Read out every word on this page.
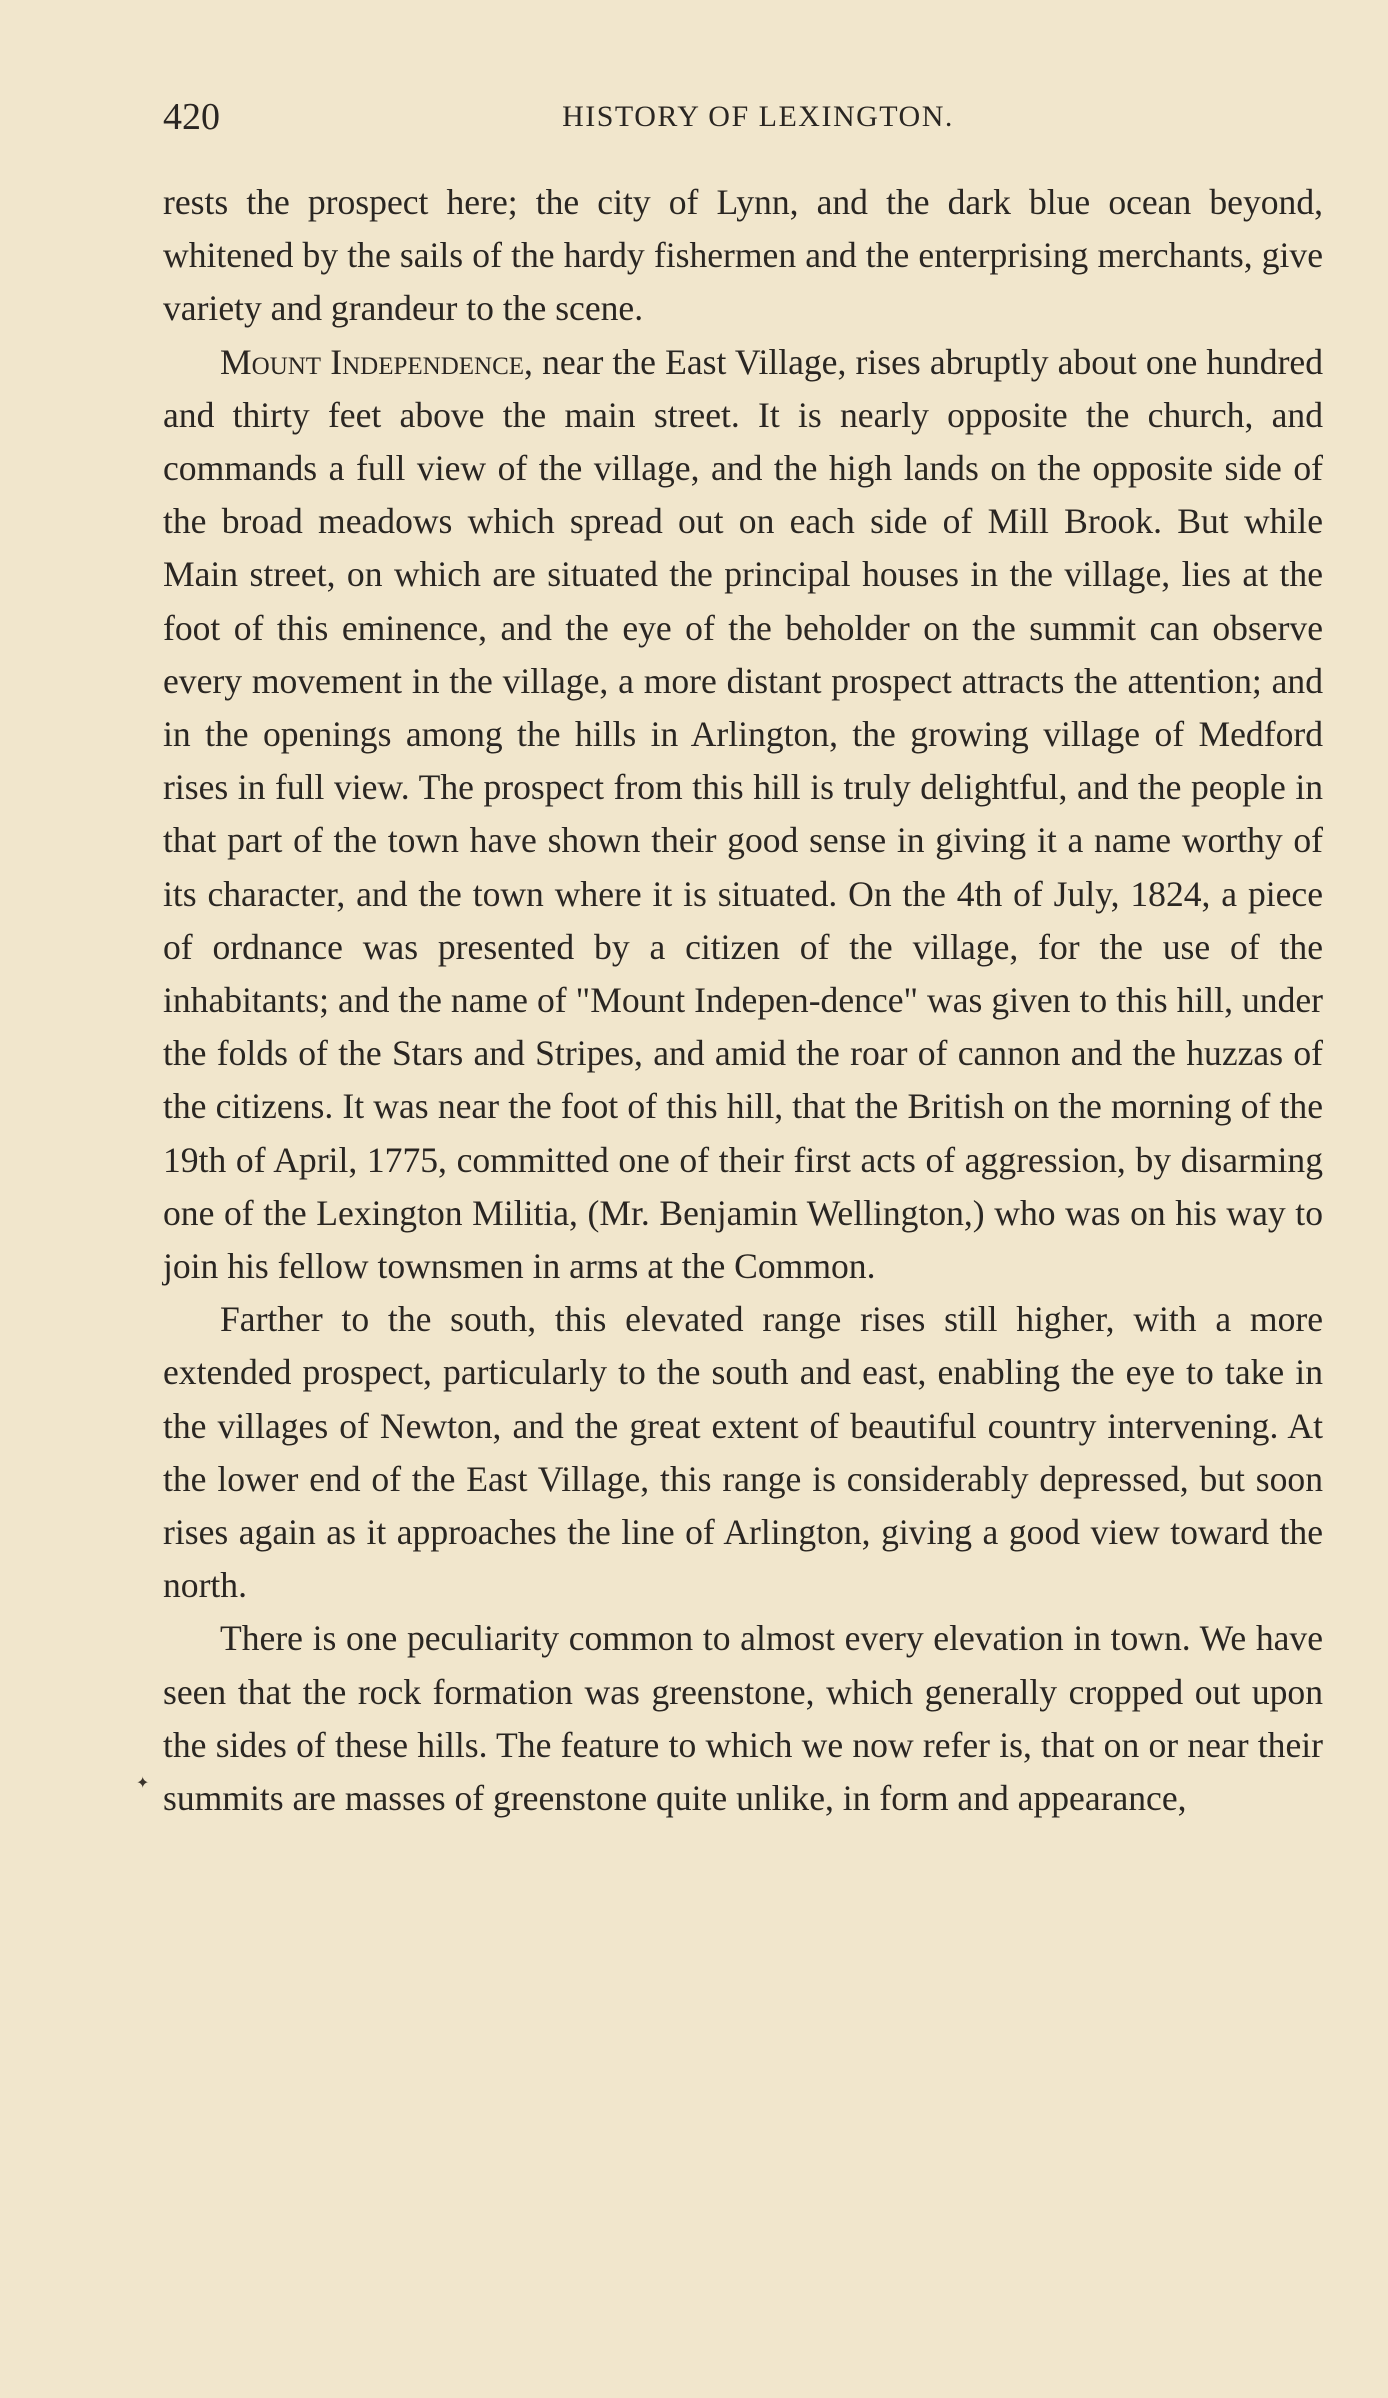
420	HISTORY OF LEXINGTON.

rests the prospect here; the city of Lynn, and the dark blue ocean beyond, whitened by the sails of the hardy fishermen and the enterprising merchants, give variety and grandeur to the scene.

Mount Independence, near the East Village, rises abruptly about one hundred and thirty feet above the main street. It is nearly opposite the church, and commands a full view of the village, and the high lands on the opposite side of the broad meadows which spread out on each side of Mill Brook. But while Main street, on which are situated the principal houses in the village, lies at the foot of this eminence, and the eye of the beholder on the summit can observe every movement in the village, a more distant prospect attracts the attention; and in the openings among the hills in Arlington, the growing village of Medford rises in full view. The prospect from this hill is truly delightful, and the people in that part of the town have shown their good sense in giving it a name worthy of its character, and the town where it is situated. On the 4th of July, 1824, a piece of ordnance was presented by a citizen of the village, for the use of the inhabitants; and the name of "Mount Indepen-dence" was given to this hill, under the folds of the Stars and Stripes, and amid the roar of cannon and the huzzas of the citizens. It was near the foot of this hill, that the British on the morning of the 19th of April, 1775, committed one of their first acts of aggression, by disarming one of the Lexington Militia, (Mr. Benjamin Wellington,) who was on his way to join his fellow townsmen in arms at the Common.

Farther to the south, this elevated range rises still higher, with a more extended prospect, particularly to the south and east, enabling the eye to take in the villages of Newton, and the great extent of beautiful country intervening. At the lower end of the East Village, this range is considerably depressed, but soon rises again as it approaches the line of Arlington, giving a good view toward the north.

There is one peculiarity common to almost every elevation in town. We have seen that the rock formation was greenstone, which generally cropped out upon the sides of these hills. The feature to which we now refer is, that on or near their summits are masses of greenstone quite unlike, in form and appearance,

✦
